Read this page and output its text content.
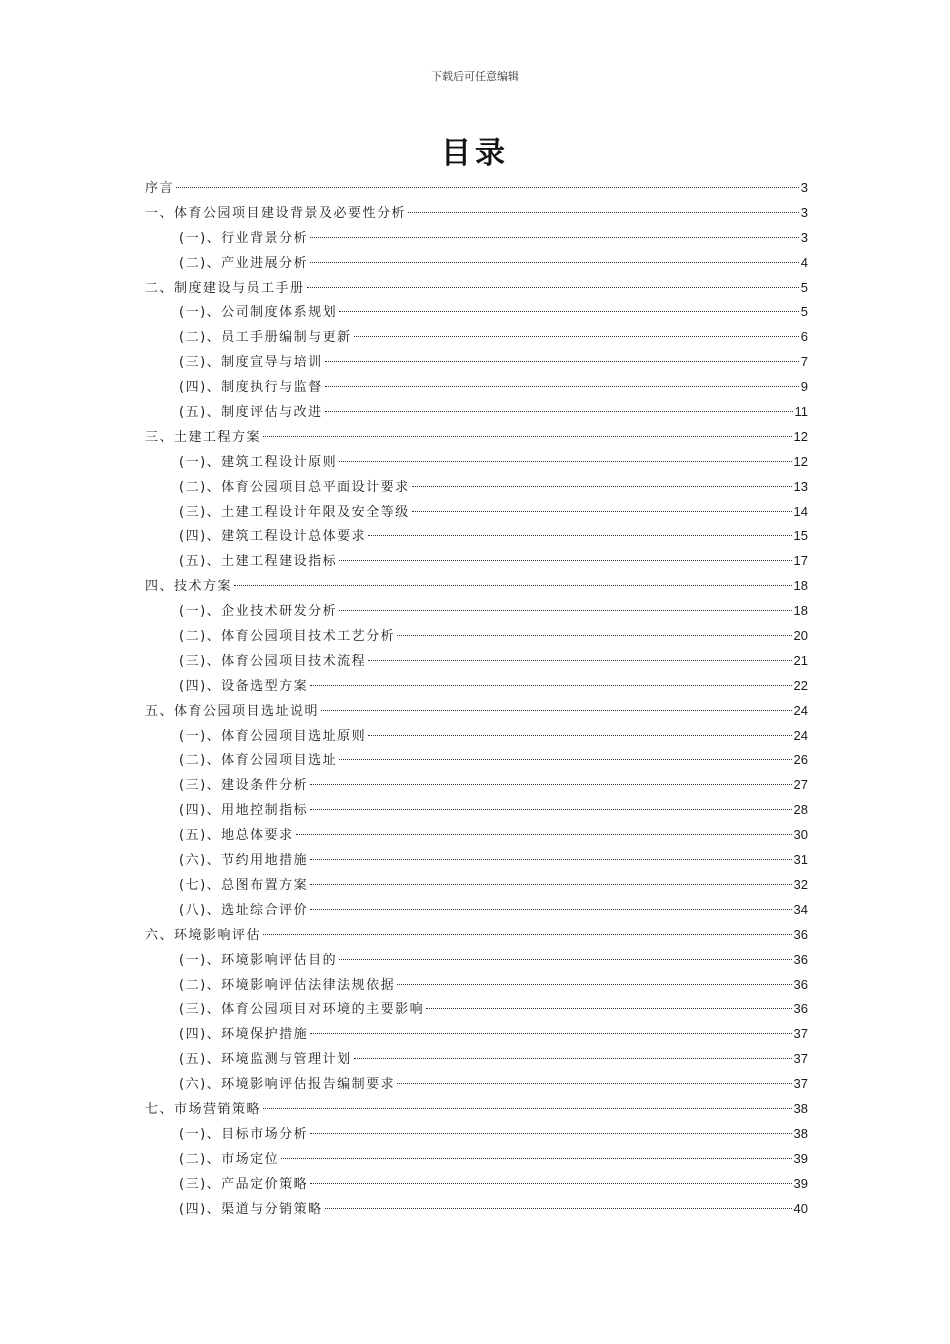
下载后可任意编辑
目录
序言	3
一、体育公园项目建设背景及必要性分析	3
(一)、行业背景分析	3
(二)、产业进展分析	4
二、制度建设与员工手册	5
(一)、公司制度体系规划	5
(二)、员工手册编制与更新	6
(三)、制度宣导与培训	7
(四)、制度执行与监督	9
(五)、制度评估与改进	11
三、土建工程方案	12
(一)、建筑工程设计原则	12
(二)、体育公园项目总平面设计要求	13
(三)、土建工程设计年限及安全等级	14
(四)、建筑工程设计总体要求	15
(五)、土建工程建设指标	17
四、技术方案	18
(一)、企业技术研发分析	18
(二)、体育公园项目技术工艺分析	20
(三)、体育公园项目技术流程	21
(四)、设备选型方案	22
五、体育公园项目选址说明	24
(一)、体育公园项目选址原则	24
(二)、体育公园项目选址	26
(三)、建设条件分析	27
(四)、用地控制指标	28
(五)、地总体要求	30
(六)、节约用地措施	31
(七)、总图布置方案	32
(八)、选址综合评价	34
六、环境影响评估	36
(一)、环境影响评估目的	36
(二)、环境影响评估法律法规依据	36
(三)、体育公园项目对环境的主要影响	36
(四)、环境保护措施	37
(五)、环境监测与管理计划	37
(六)、环境影响评估报告编制要求	37
七、市场营销策略	38
(一)、目标市场分析	38
(二)、市场定位	39
(三)、产品定价策略	39
(四)、渠道与分销策略	40
